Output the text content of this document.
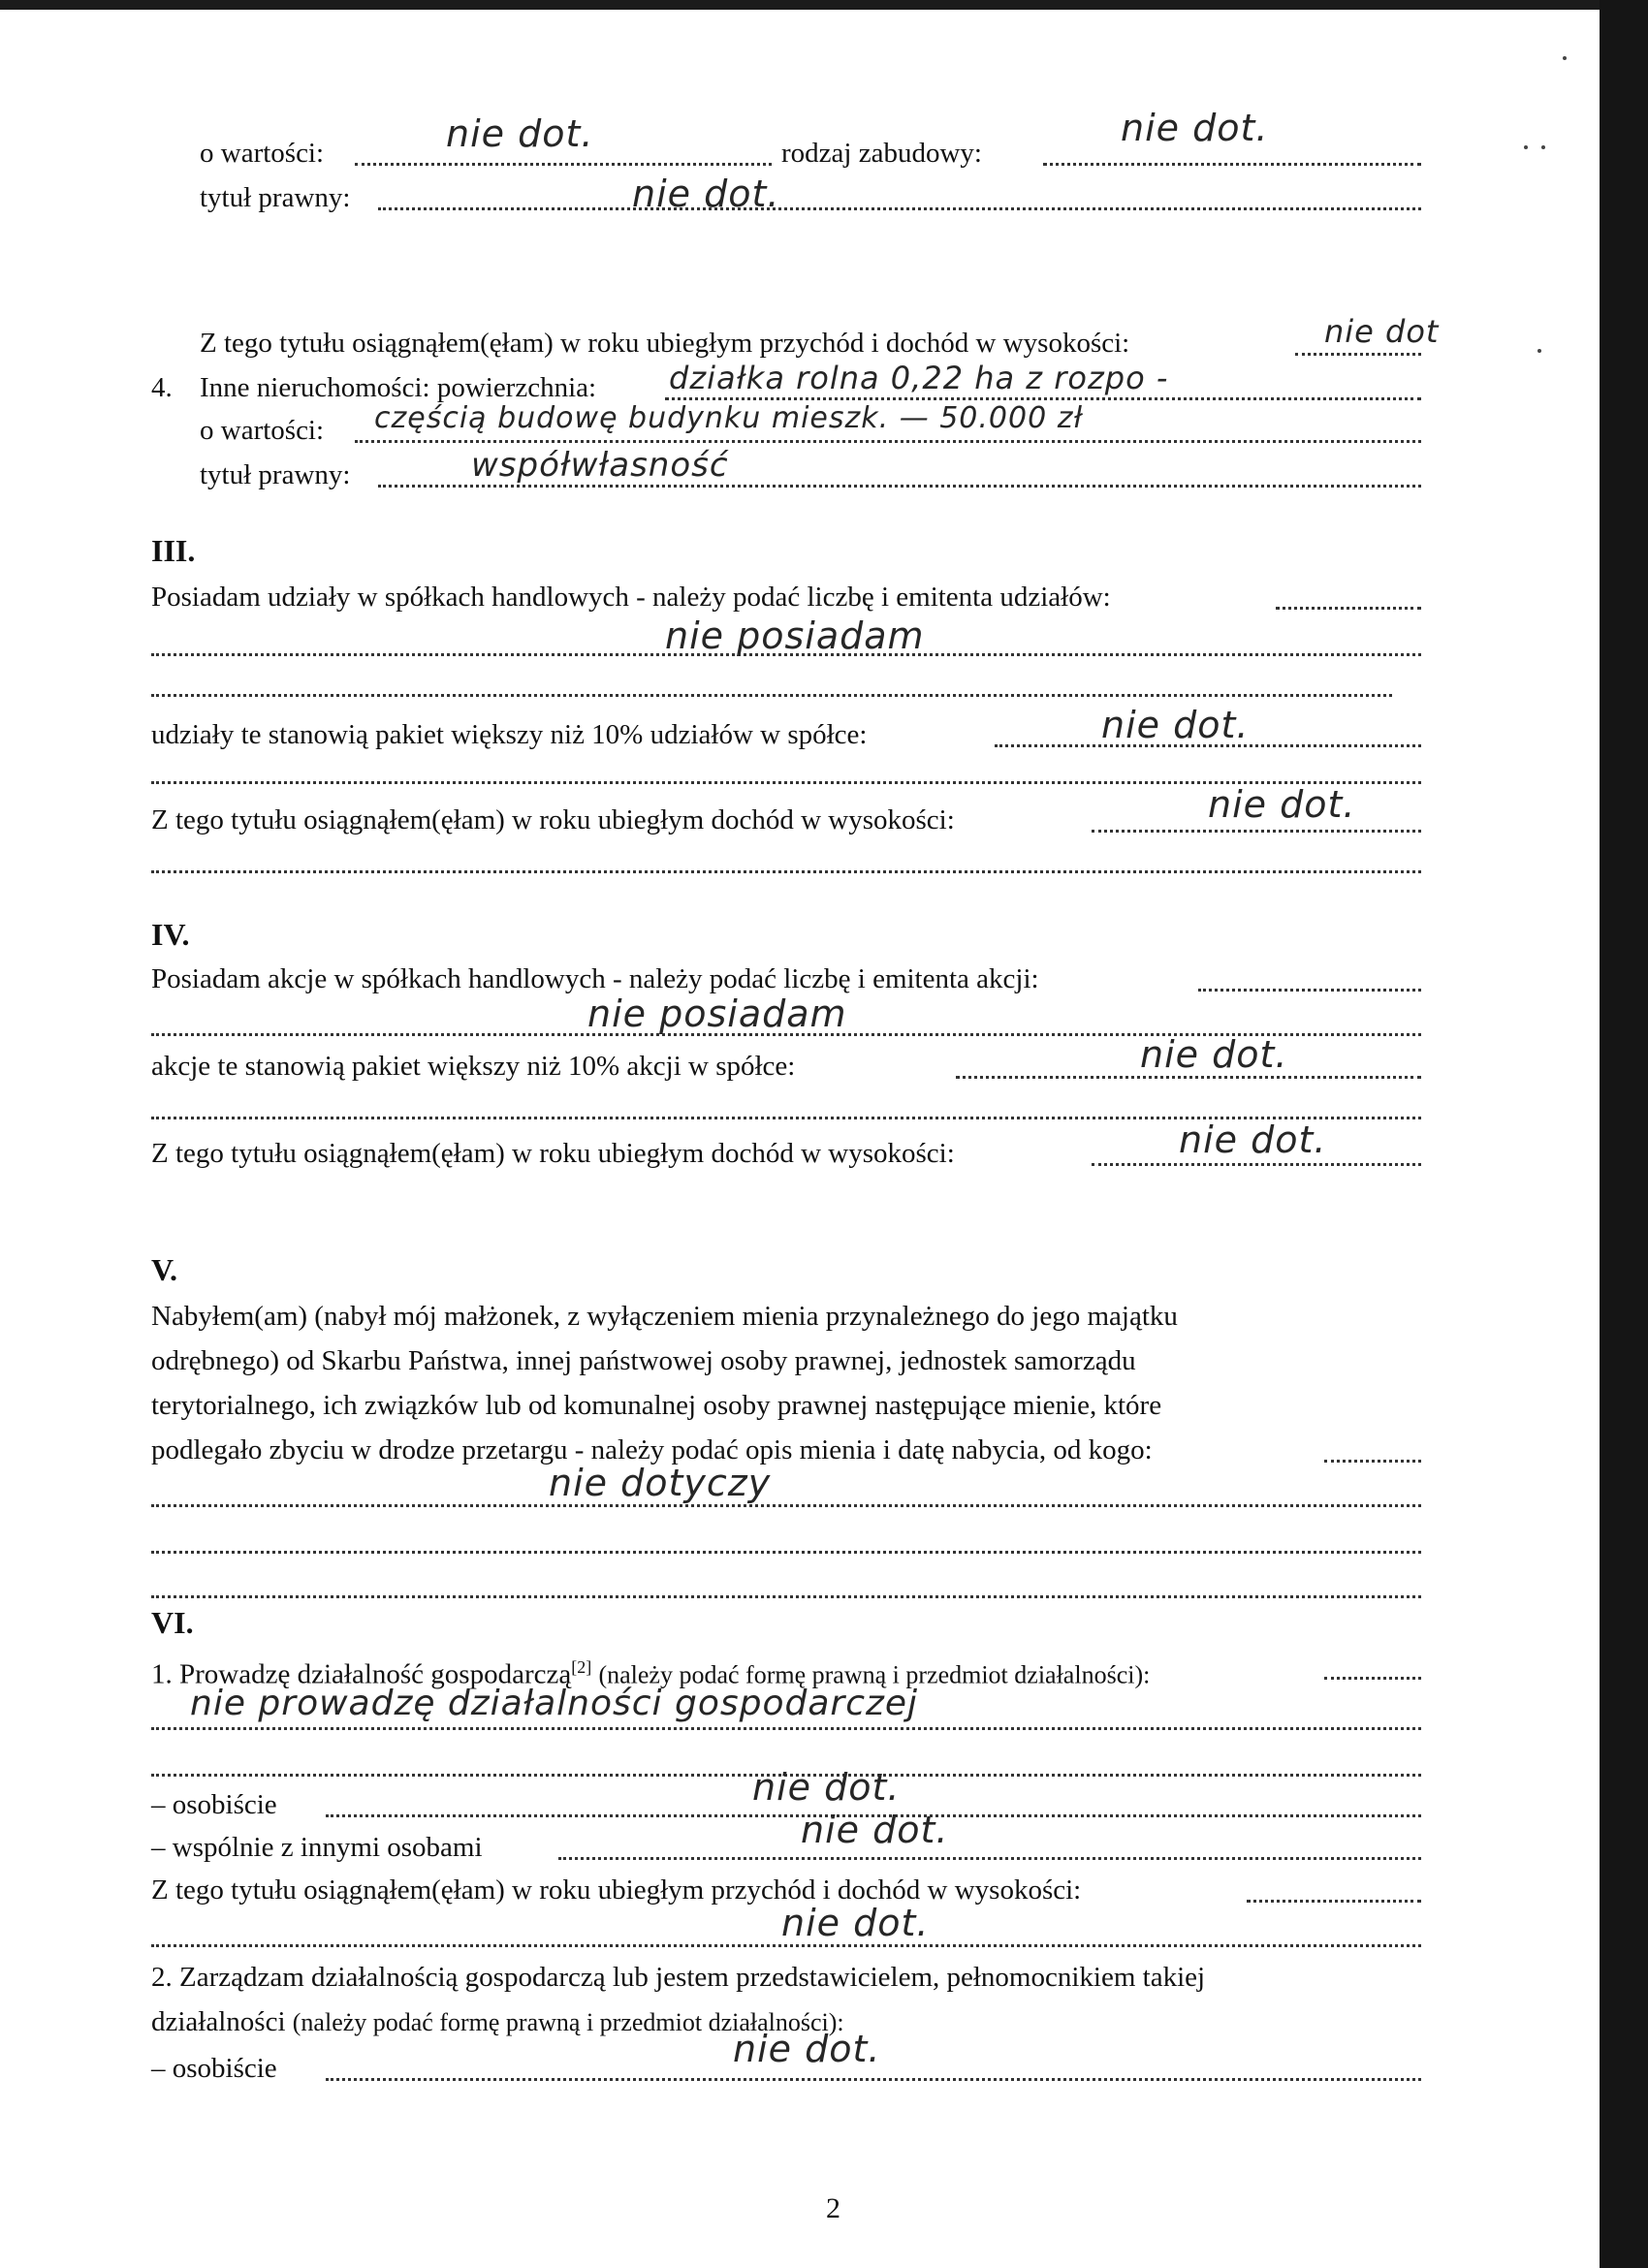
o wartości:	nie dot.	rodzaj zabudowy:
nie dot.
tytuł prawny:	nie dot.
Z tego tytułu osiągnąłem(ęłam) w roku ubiegłym przychód i dochód w wysokości:	nie dot
4. Inne nieruchomości: powierzchnia: działka rolna 0,22 ha z rozpo -
o wartości: częścią budowę budynku mieszk. — 50.000 zł
tytuł prawny:	współwłasność
III.
Posiadam udziały w spółkach handlowych - należy podać liczbę i emitenta udziałów:
nie posiadam
udziały te stanowią pakiet większy niż 10% udziałów w spółce:	nie dot.
Z tego tytułu osiągnąłem(ęłam) w roku ubiegłym dochód w wysokości:	nie dot.
IV.
Posiadam akcje w spółkach handlowych - należy podać liczbę i emitenta akcji:
nie posiadam
akcje te stanowią pakiet większy niż 10% akcji w spółce:	nie dot.
Z tego tytułu osiągnąłem(ęłam) w roku ubiegłym dochód w wysokości:	nie dot.
V.
Nabyłem(am) (nabył mój małżonek, z wyłączeniem mienia przynależnego do jego majątku
odrębnego) od Skarbu Państwa, innej państwowej osoby prawnej, jednostek samorządu
terytorialnego, ich związków lub od komunalnej osoby prawnej następujące mienie, które
podlegało zbyciu w drodze przetargu - należy podać opis mienia i datę nabycia, od kogo:
nie dotyczy
VI.
1. Prowadzę działalność gospodarczą[2] (należy podać formę prawną i przedmiot działalności):
nie prowadzę działalności gospodarczej
– osobiście	nie dot.
– wspólnie z innymi osobami	nie dot.
Z tego tytułu osiągnąłem(ęłam) w roku ubiegłym przychód i dochód w wysokości:
nie dot.
2. Zarządzam działalnością gospodarczą lub jestem przedstawicielem, pełnomocnikiem takiej
działalności (należy podać formę prawną i przedmiot działalności):
– osobiście	nie dot.
2
